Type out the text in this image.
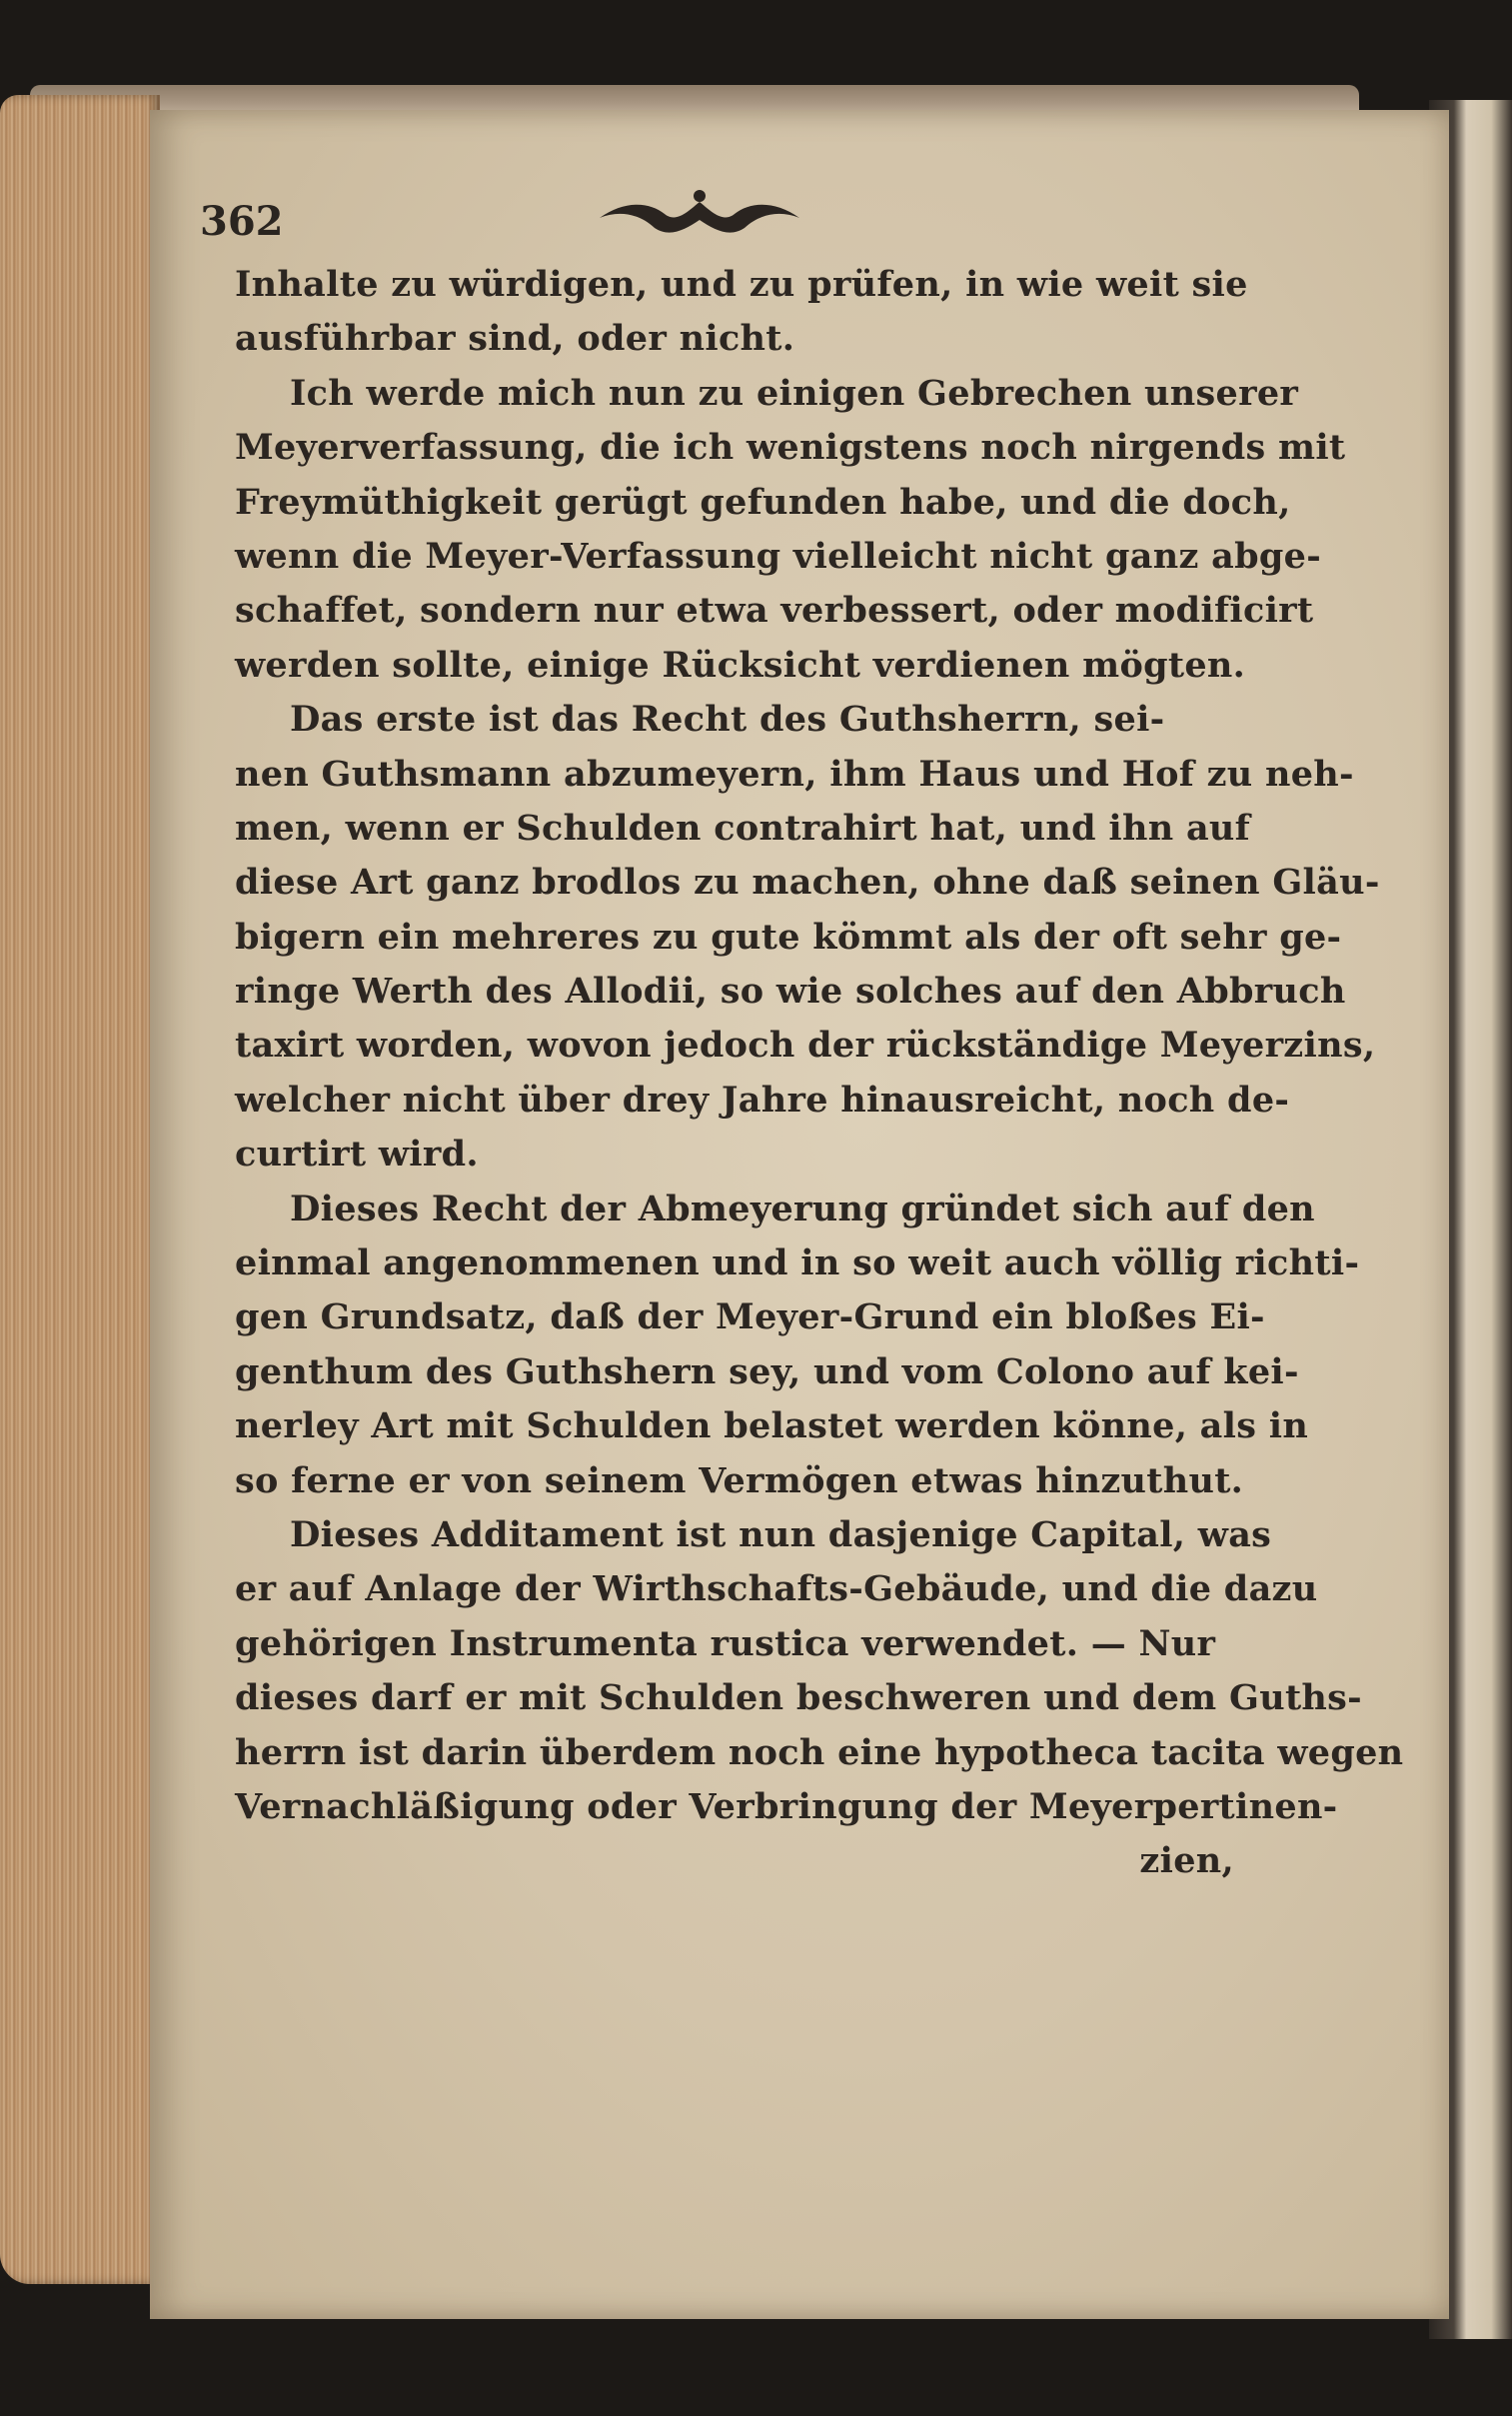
362
Inhalte zu würdigen, und zu prüfen, in wie weit sie
ausführbar sind, oder nicht.
Ich werde mich nun zu einigen Gebrechen unserer
Meyerverfassung, die ich wenigstens noch nirgends mit
Freymüthigkeit gerügt gefunden habe, und die doch,
wenn die Meyer-Verfassung vielleicht nicht ganz abge-
schaffet, sondern nur etwa verbessert, oder modificirt
werden sollte, einige Rücksicht verdienen mögten.
Das erste ist das Recht des Guthsherrn, sei-
nen Guthsmann abzumeyern, ihm Haus und Hof zu neh-
men, wenn er Schulden contrahirt hat, und ihn auf
diese Art ganz brodlos zu machen, ohne daß seinen Gläu-
bigern ein mehreres zu gute kömmt als der oft sehr ge-
ringe Werth des Allodii, so wie solches auf den Abbruch
taxirt worden, wovon jedoch der rückständige Meyerzins,
welcher nicht über drey Jahre hinausreicht, noch de-
curtirt wird.
Dieses Recht der Abmeyerung gründet sich auf den
einmal angenommenen und in so weit auch völlig richti-
gen Grundsatz, daß der Meyer-Grund ein bloßes Ei-
genthum des Guthshern sey, und vom Colono auf kei-
nerley Art mit Schulden belastet werden könne, als in
so ferne er von seinem Vermögen etwas hinzuthut.
Dieses Additament ist nun dasjenige Capital, was
er auf Anlage der Wirthschafts-Gebäude, und die dazu
gehörigen Instrumenta rustica verwendet. — Nur
dieses darf er mit Schulden beschweren und dem Guths-
herrn ist darin überdem noch eine hypotheca tacita wegen
Vernachläßigung oder Verbringung der Meyerpertinen-
zien,
